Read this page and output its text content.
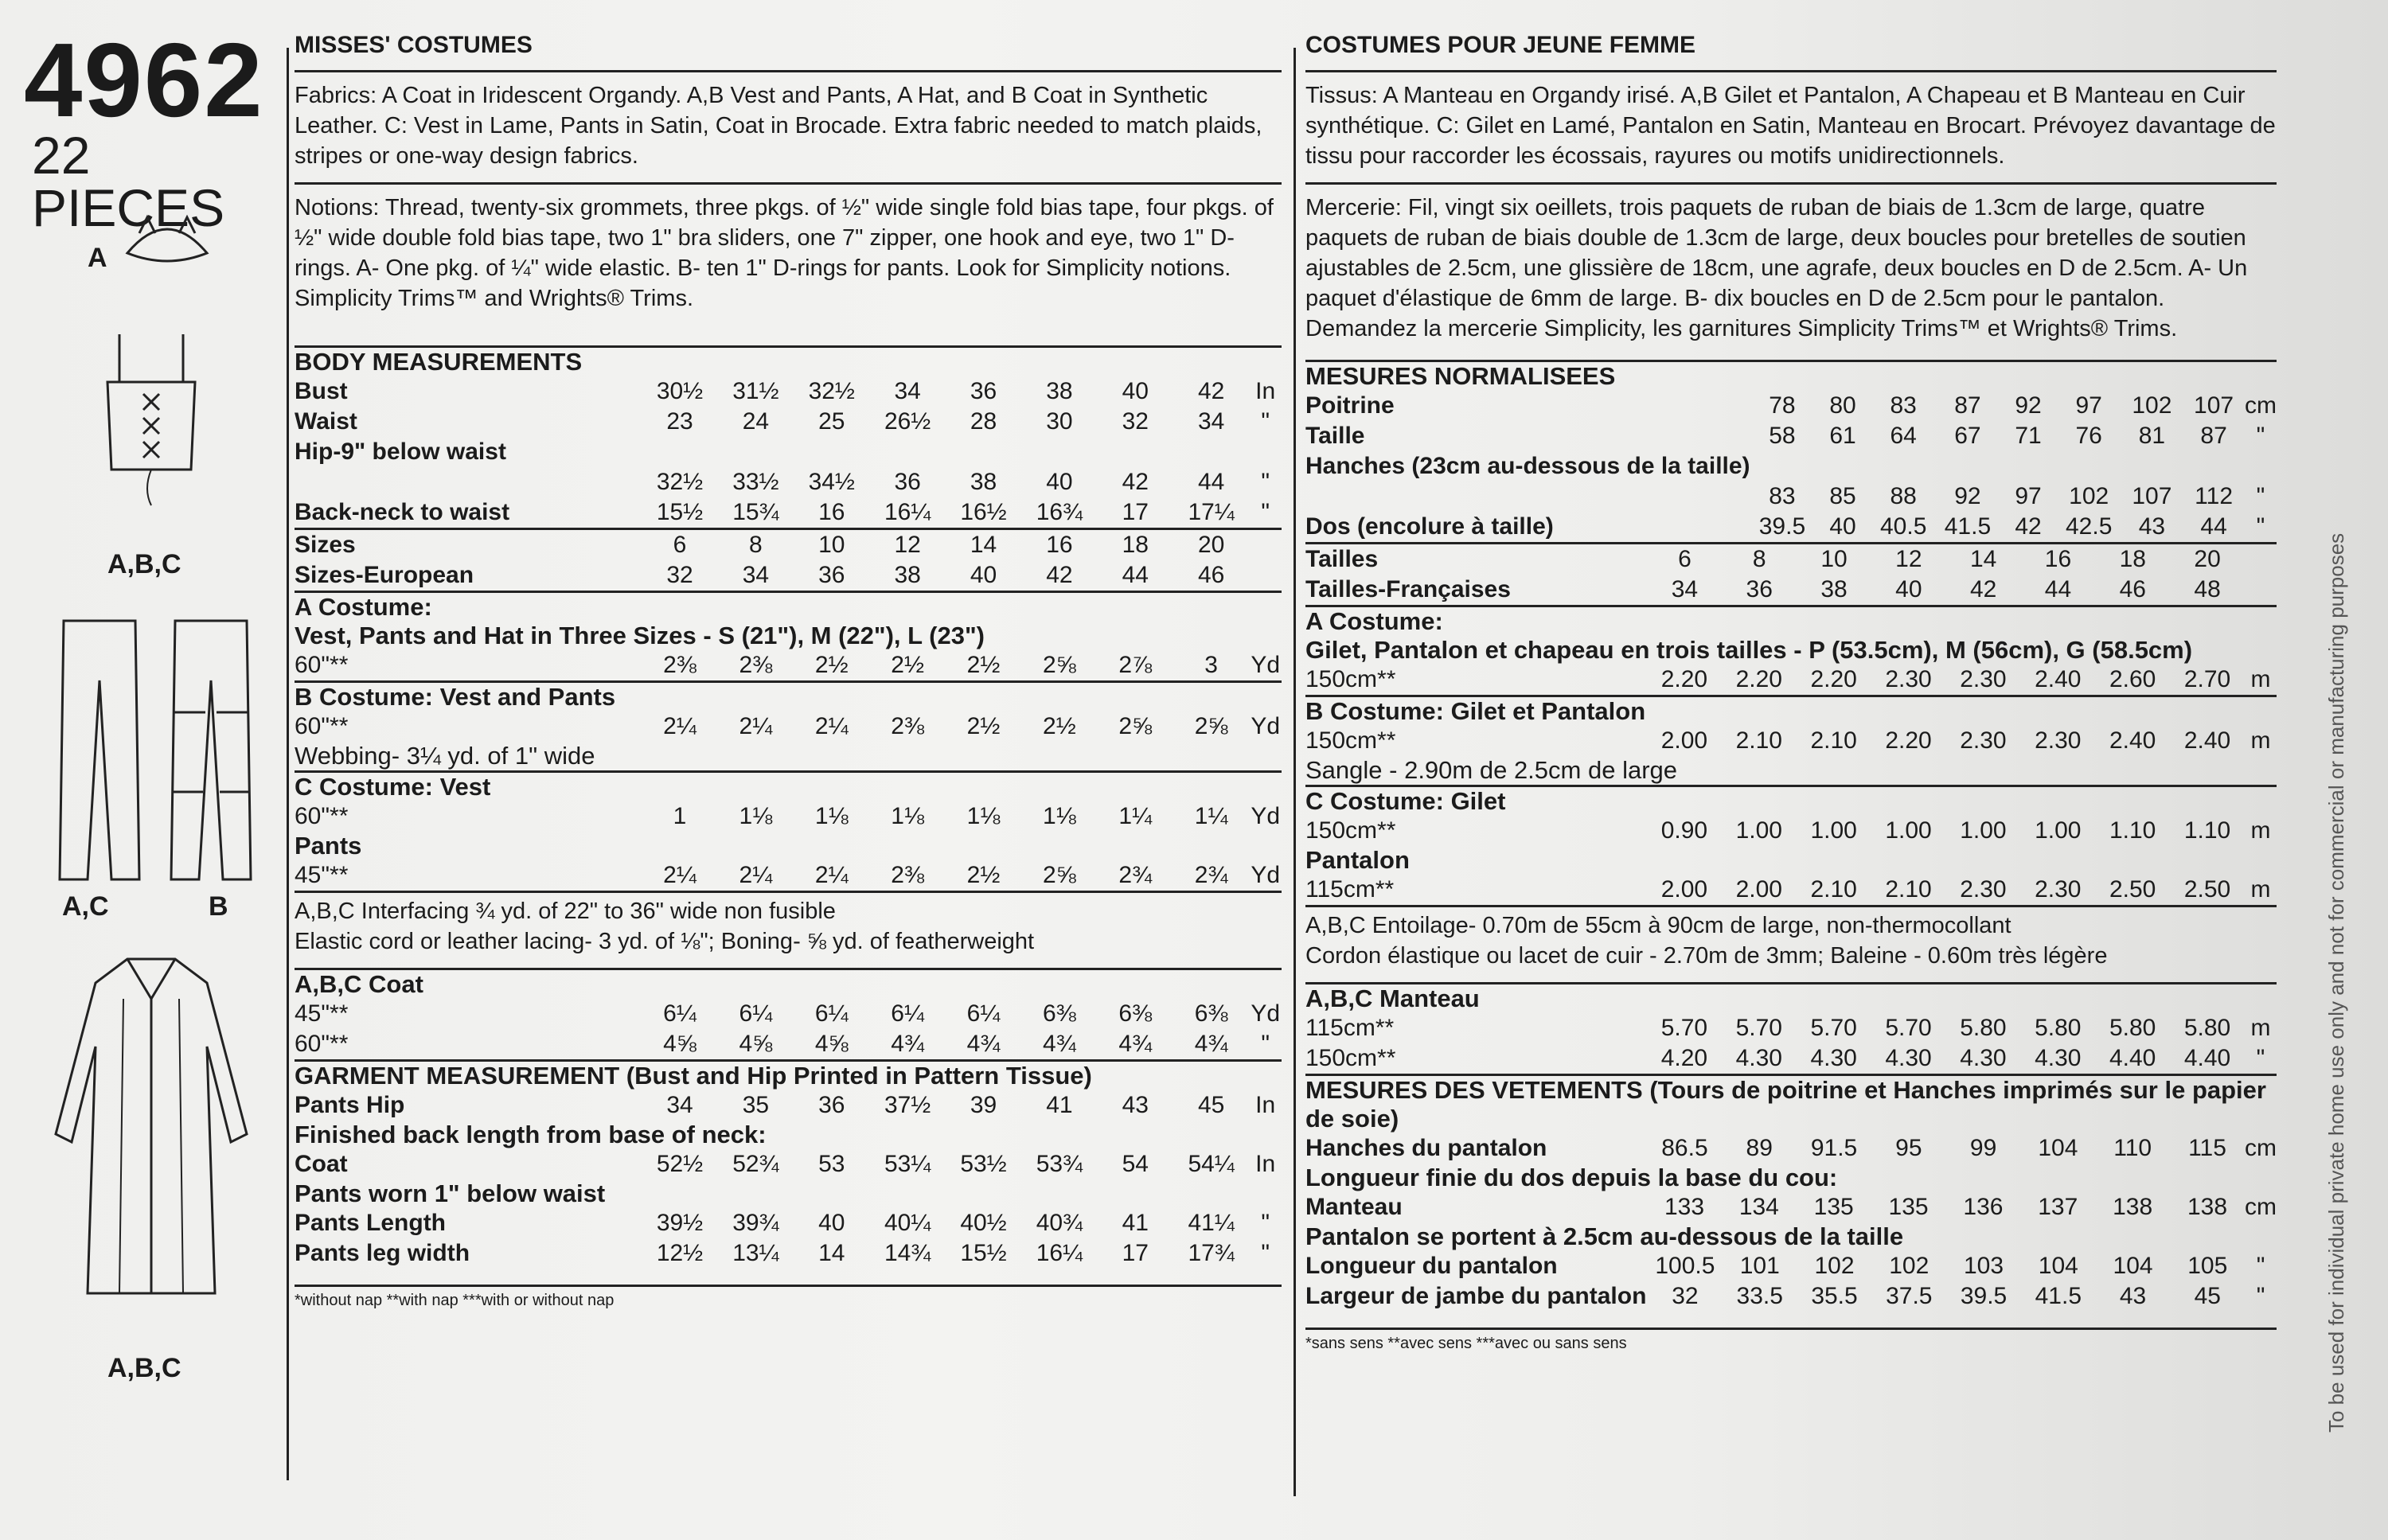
4962
22 PIECES
A
A,B,C
A,C	B
A,B,C
MISSES' COSTUMES
Fabrics: A Coat in Iridescent Organdy. A,B Vest and Pants, A Hat, and B Coat in Synthetic Leather. C: Vest in Lame, Pants in Satin, Coat in Brocade. Extra fabric needed to match plaids, stripes or one-way design fabrics.
Notions: Thread, twenty-six grommets, three pkgs. of ½" wide single fold bias tape, four pkgs. of ½" wide double fold bias tape, two 1" bra sliders, one 7" zipper, one hook and eye, two 1" D-rings. A- One pkg. of ¼" wide elastic. B- ten 1" D-rings for pants. Look for Simplicity notions. Simplicity Trims™ and Wrights® Trims.
BODY MEASUREMENTS
Bust	30½	31½	32½	34	36	38	40	42	In
Waist	23	24	25	26½	28	30	32	34	"
Hip-9" below waist									
	32½	33½	34½	36	38	40	42	44	"
Back-neck to waist	15½	15¾	16	16¼	16½	16¾	17	17¼	"
Sizes	6	8	10	12	14	16	18	20	
Sizes-European	32	34	36	38	40	42	44	46	
A Costume:
Vest, Pants and Hat in Three Sizes - S (21"), M (22"), L (23")
60"**	2⅜	2⅜	2½	2½	2½	2⅝	2⅞	3	Yd
B Costume: Vest and Pants
60"**	2¼	2¼	2¼	2⅜	2½	2½	2⅝	2⅝	Yd
Webbing- 3¼ yd. of 1" wide
C Costume: Vest
60"**	1	1⅛	1⅛	1⅛	1⅛	1⅛	1¼	1¼	Yd
Pants
45"**	2¼	2¼	2¼	2⅜	2½	2⅝	2¾	2¾	Yd
A,B,C Interfacing ¾ yd. of 22" to 36" wide non fusible
Elastic cord or leather lacing- 3 yd. of ⅛"; Boning- ⅝ yd. of featherweight
A,B,C Coat
45"**	6¼	6¼	6¼	6¼	6¼	6⅜	6⅜	6⅜	Yd
60"**	4⅝	4⅝	4⅝	4¾	4¾	4¾	4¾	4¾	"
GARMENT MEASUREMENT (Bust and Hip Printed in Pattern Tissue)
Pants Hip	34	35	36	37½	39	41	43	45	In
Finished back length from base of neck:
Coat	52½	52¾	53	53¼	53½	53¾	54	54¼	In
Pants worn 1" below waist
Pants Length	39½	39¾	40	40¼	40½	40¾	41	41¼	"
Pants leg width	12½	13¼	14	14¾	15½	16¼	17	17¾	"
*without nap **with nap ***with or without nap
COSTUMES POUR JEUNE FEMME
Tissus: A Manteau en Organdy irisé. A,B Gilet et Pantalon, A Chapeau et B Manteau en Cuir synthétique. C: Gilet en Lamé, Pantalon en Satin, Manteau en Brocart. Prévoyez davantage de tissu pour raccorder les écossais, rayures ou motifs unidirectionnels.
Mercerie: Fil, vingt six oeillets, trois paquets de ruban de biais de 1.3cm de large, quatre paquets de ruban de biais double de 1.3cm de large, deux boucles pour bretelles de soutien ajustables de 2.5cm, une glissière de 18cm, une agrafe, deux boucles en D de 2.5cm. A- Un paquet d'élastique de 6mm de large. B- dix boucles en D de 2.5cm pour le pantalon. Demandez la mercerie Simplicity, les garnitures Simplicity Trims™ et Wrights® Trims.
MESURES NORMALISEES
Poitrine	78	80	83	87	92	97	102	107	cm
Taille	58	61	64	67	71	76	81	87	"
Hanches (23cm au-dessous de la taille)									
	83	85	88	92	97	102	107	112	"
Dos (encolure à taille)	39.5	40	40.5	41.5	42	42.5	43	44	"
Tailles	6	8	10	12	14	16	18	20	
Tailles-Françaises	34	36	38	40	42	44	46	48	
A Costume:
Gilet, Pantalon et chapeau en trois tailles - P (53.5cm), M (56cm), G (58.5cm)
150cm**	2.20	2.20	2.20	2.30	2.30	2.40	2.60	2.70	m
B Costume: Gilet et Pantalon
150cm**	2.00	2.10	2.10	2.20	2.30	2.30	2.40	2.40	m
Sangle - 2.90m de 2.5cm de large
C Costume: Gilet
150cm**	0.90	1.00	1.00	1.00	1.00	1.00	1.10	1.10	m
Pantalon
115cm**	2.00	2.00	2.10	2.10	2.30	2.30	2.50	2.50	m
A,B,C Entoilage- 0.70m de 55cm à 90cm de large, non-thermocollant
Cordon élastique ou lacet de cuir - 2.70m de 3mm; Baleine - 0.60m très légère
A,B,C Manteau
115cm**	5.70	5.70	5.70	5.70	5.80	5.80	5.80	5.80	m
150cm**	4.20	4.30	4.30	4.30	4.30	4.30	4.40	4.40	"
MESURES DES VETEMENTS (Tours de poitrine et Hanches imprimés sur le papier de soie)
Hanches du pantalon	86.5	89	91.5	95	99	104	110	115	cm
Longueur finie du dos depuis la base du cou:
Manteau	133	134	135	135	136	137	138	138	cm
Pantalon se portent à 2.5cm au-dessous de la taille
Longueur du pantalon	100.5	101	102	102	103	104	104	105	"
Largeur de jambe du pantalon	32	33.5	35.5	37.5	39.5	41.5	43	45	"
*sans sens **avec sens ***avec ou sans sens	To be used for individual private home use only and not for commercial or manufacturing purposes
